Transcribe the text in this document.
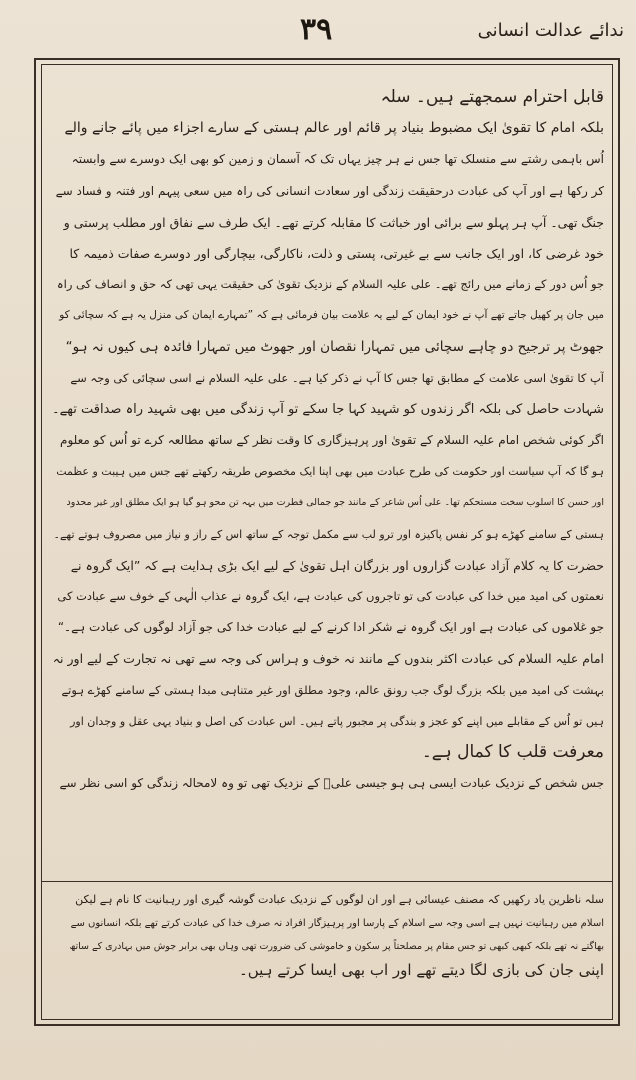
۳۹	ندائے عدالت انسانی
قابل احترام سمجھتے ہیں۔ سلہ
بلکہ امام کا تقویٰ ایک مضبوط بنیاد پر قائم اور عالم ہستی کے سارے اجزاء میں پائے جانے والے
اُس باہمی رشتے سے منسلک تھا جس نے ہر چیز یہاں تک کہ آسمان و زمین کو بھی ایک دوسرے سے وابستہ
کر رکھا ہے اور آپ کی عبادت درحقیقت زندگی اور سعادت انسانی کی راہ میں سعی پیہم اور فتنہ و فساد سے
جنگ تھی۔ آپ ہر پہلو سے برائی اور خباثت کا مقابلہ کرتے تھے۔ ایک طرف سے نفاق اور مطلب پرستی و
خود غرضی کا، اور ایک جانب سے بے غیرتی، پستی و ذلت، ناکارگی، بیچارگی اور دوسرے صفات ذمیمہ کا
جو اُس دور کے زمانے میں رائج تھے۔ علی علیہ السلام کے نزدیک تقویٰ کی حقیقت یہی تھی کہ حق و انصاف کی راہ
میں جان پر کھیل جاتے تھے آپ نے خود ایمان کے لیے یہ علامت بیان فرمائی ہے کہ ”تمہارے ایمان کی منزل یہ ہے کہ سچائی کو
جھوٹ پر ترجیح دو چاہے سچائی میں تمہارا نقصان اور جھوٹ میں تمہارا فائدہ ہی کیوں نہ ہو“
آپ کا تقویٰ اسی علامت کے مطابق تھا جس کا آپ نے ذکر کیا ہے۔ علی علیہ السلام نے اسی سچائی کی وجہ سے
شہادت حاصل کی بلکہ اگر زندوں کو شہید کہا جا سکے تو آپ زندگی میں بھی شہید راہ صداقت تھے۔
اگر کوئی شخص امام علیہ السلام کے تقویٰ اور پرہیزگاری کا وقت نظر کے ساتھ مطالعہ کرے تو اُس کو معلوم
ہو گا کہ آپ سیاست اور حکومت کی طرح عبادت میں بھی اپنا ایک مخصوص طریقہ رکھتے تھے جس میں ہیبت و عظمت
اور حسن کا اسلوب سخت مستحکم تھا۔ علی اُس شاعر کے مانند جو جمالی فطرت میں بہہ تن محو ہو گیا ہو ایک مطلق اور غیر محدود
ہستی کے سامنے کھڑے ہو کر نفس پاکیزہ اور ترو لب سے مکمل توجہ کے ساتھ اس کے راز و نیاز میں مصروف ہوتے تھے۔
حضرت کا یہ کلام آزاد عبادت گزاروں اور بزرگان اہل تقویٰ کے لیے ایک بڑی ہدایت ہے کہ ”ایک گروہ نے
نعمتوں کی امید میں خدا کی عبادت کی تو تاجروں کی عبادت ہے، ایک گروہ نے عذاب الٰہی کے خوف سے عبادت کی
جو غلاموں کی عبادت ہے اور ایک گروہ نے شکر ادا کرنے کے لیے عبادت خدا کی جو آزاد لوگوں کی عبادت ہے۔“
امام علیہ السلام کی عبادت اکثر بندوں کے مانند نہ خوف و ہراس کی وجہ سے تھی نہ تجارت کے لیے اور نہ
بہشت کی امید میں بلکہ بزرگ لوگ جب رونق عالم، وجود مطلق اور غیر متناہی مبدا ہستی کے سامنے کھڑے ہوتے
ہیں تو اُس کے مقابلے میں اپنے کو عجز و بندگی پر مجبور پاتے ہیں۔ اس عبادت کی اصل و بنیاد یہی عقل و وجدان اور
معرفت قلب کا کمال ہے۔
جس شخص کے نزدیک عبادت ایسی ہی ہو جیسی علیؑ کے نزدیک تھی تو وہ لامحالہ زندگی کو اسی نظر سے
سلہ ناظرین یاد رکھیں کہ مصنف عیسائی ہے اور ان لوگوں کے نزدیک عبادت گوشہ گیری اور رہبانیت کا نام ہے لیکن
اسلام میں رہبانیت نہیں ہے اسی وجہ سے اسلام کے پارسا اور پرہیزگار افراد نہ صرف خدا کی عبادت کرتے تھے بلکہ انسانوں سے
بھاگتے نہ تھے بلکہ کبھی کبھی تو جس مقام پر مصلحتاً پر سکون و خاموشی کی ضرورت تھی وہاں بھی برابر جوش میں بہادری کے ساتھ
اپنی جان کی بازی لگا دیتے تھے اور اب بھی ایسا کرتے ہیں۔
